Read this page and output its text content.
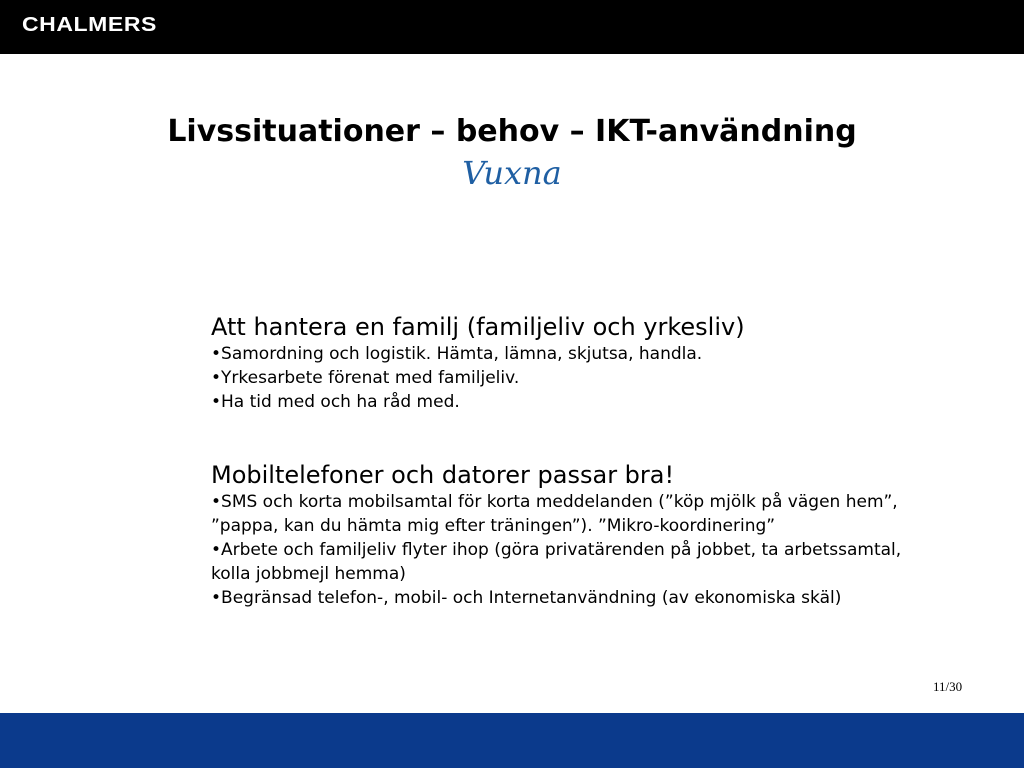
CHALMERS
Livssituationer – behov – IKT-användning
Vuxna

Att hantera en familj (familjeliv och yrkesliv)

•Samordning och logistik. Hämta, lämna, skjutsa, handla.

•Yrkesarbete förenat med familjeliv.

•Ha tid med och ha råd med.

Mobiltelefoner och datorer passar bra!

•SMS och korta mobilsamtal för korta meddelanden (”köp mjölk på vägen hem”, ”pappa, kan du hämta mig efter träningen”). ”Mikro-koordinering”

•Arbete och familjeliv flyter ihop (göra privatärenden på jobbet, ta arbetssamtal, kolla jobbmejl hemma)

•Begränsad telefon-, mobil- och Internetanvändning (av ekonomiska skäl)

11/30
